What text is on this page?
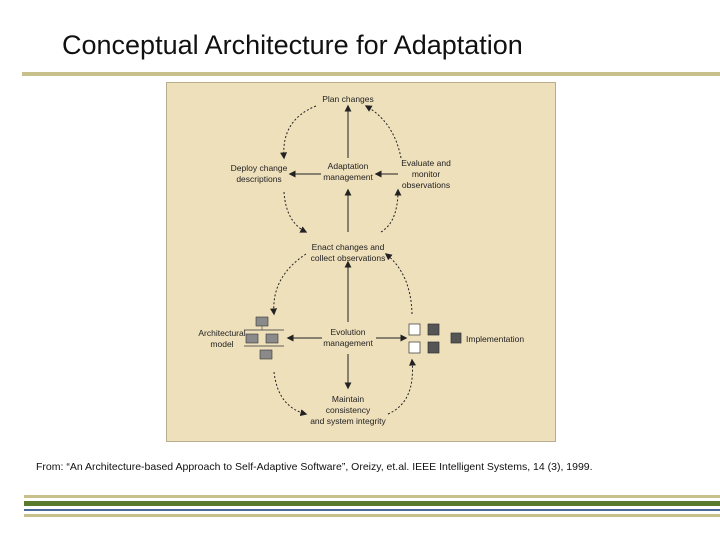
Conceptual Architecture for Adaptation
Plan changes
Deploy change
descriptions
Adaptation
management
Evaluate and
monitor
observations
Enact changes and
collect observations
Architectural
model
Evolution
management	Implementation
Maintain
consistency
and system integrity
From: “An Architecture-based Approach to Self-Adaptive Software”, Oreizy, et.al. IEEE Intelligent Systems, 14 (3), 1999.
